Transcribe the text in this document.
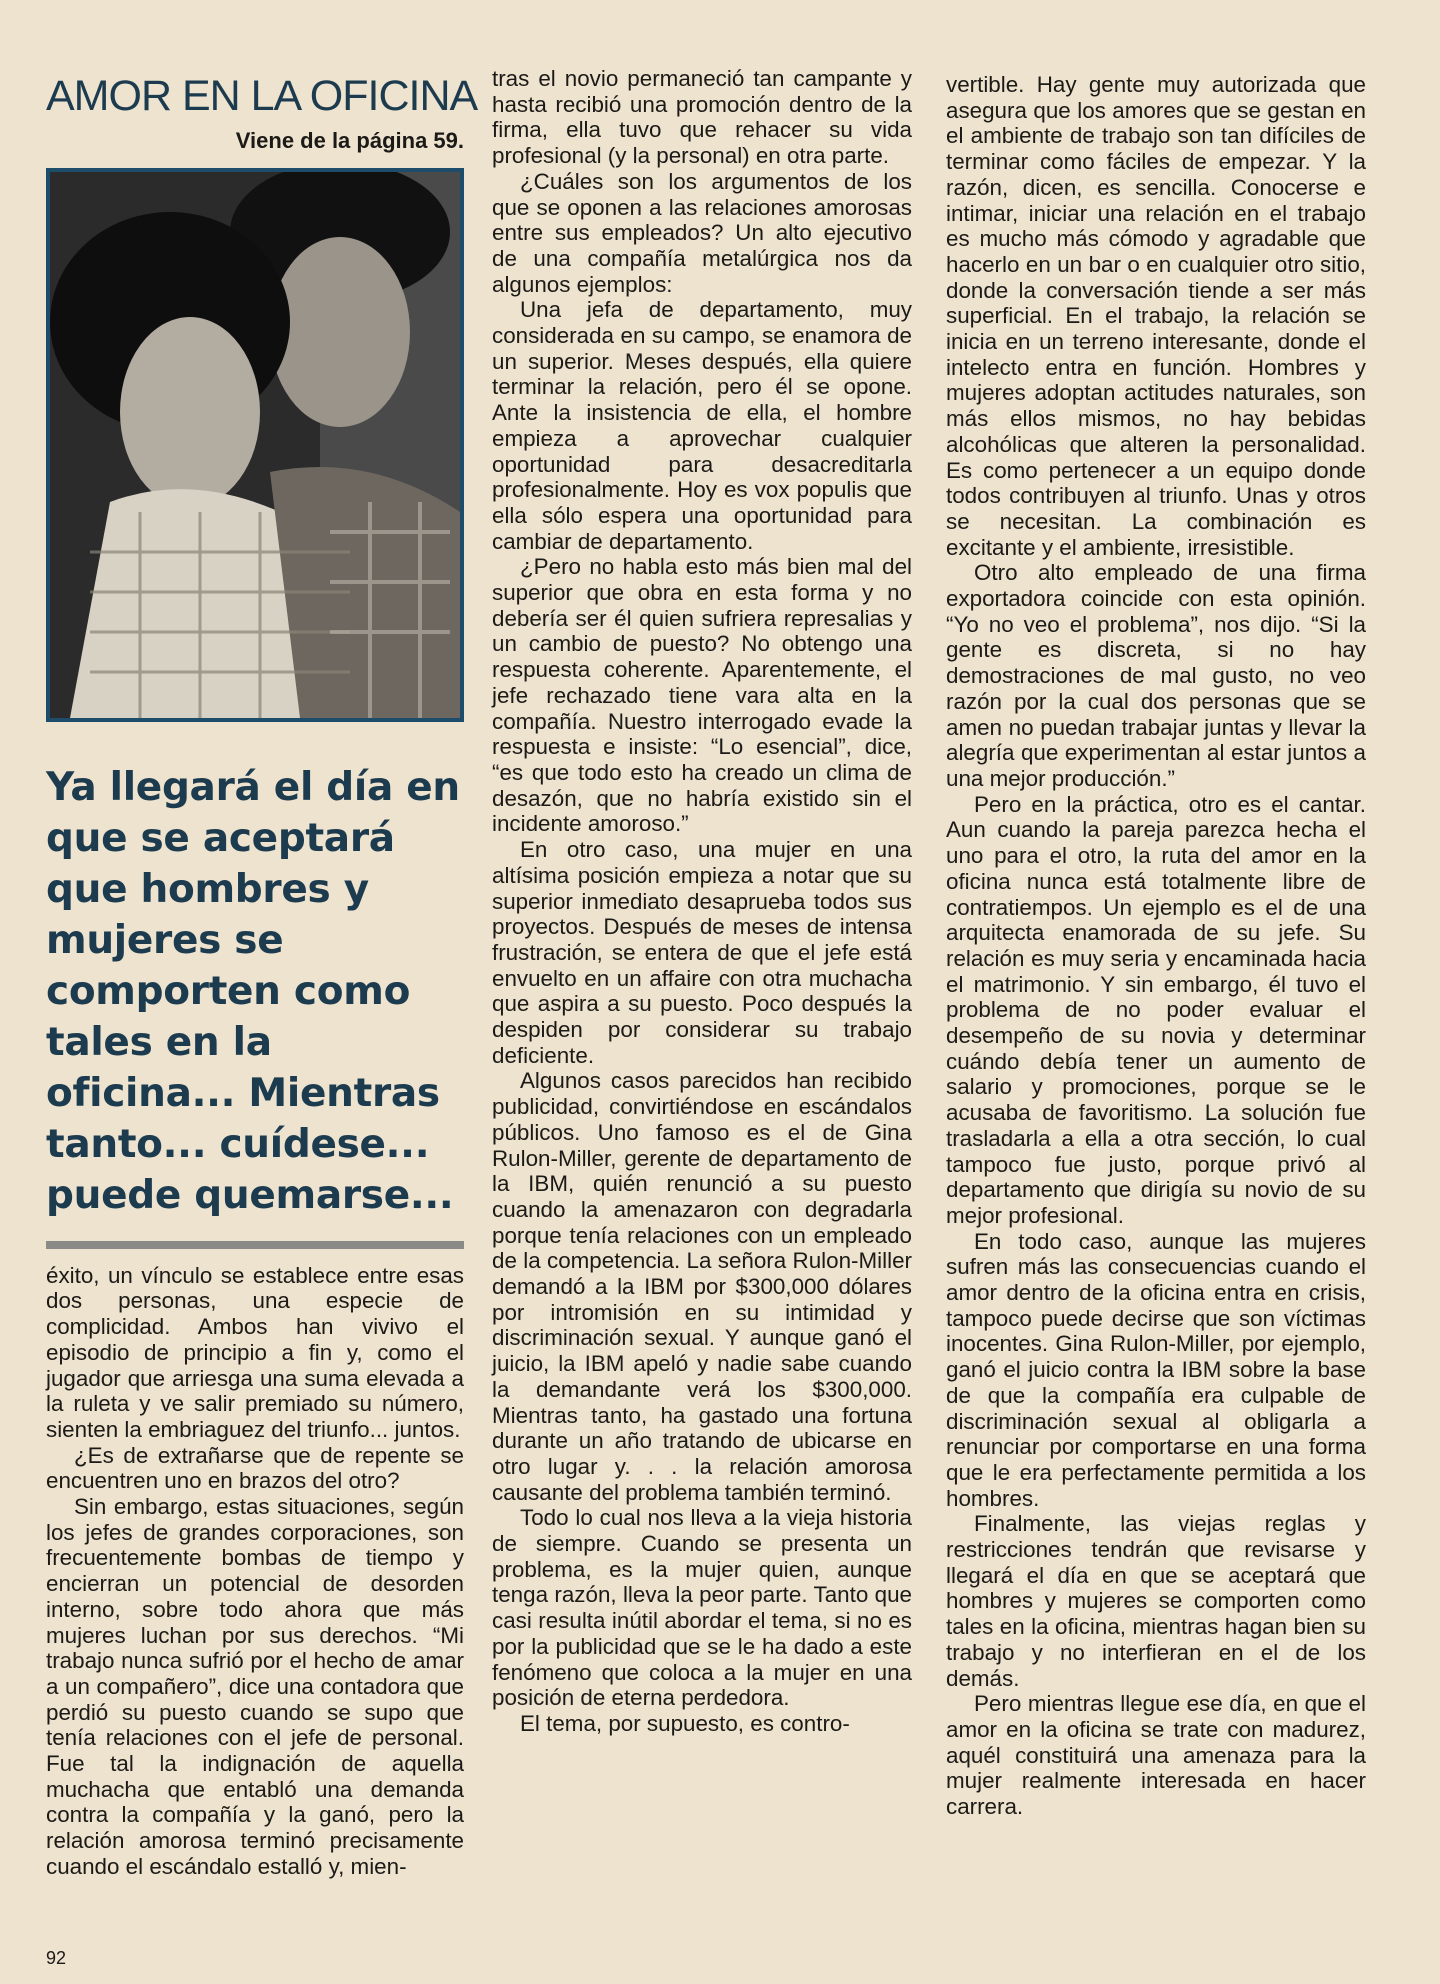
AMOR EN LA OFICINA
Viene de la página 59.
Ya llegará el día en que se aceptará que hombres y mujeres se comporten como tales en la oficina... Mientras tanto... cuídese... puede quemarse...

éxito, un vínculo se establece entre esas dos personas, una especie de complicidad. Ambos han vivivo el episodio de principio a fin y, como el jugador que arriesga una suma elevada a la ruleta y ve salir premiado su número, sienten la embriaguez del triunfo... juntos.

¿Es de extrañarse que de repente se encuentren uno en brazos del otro?

Sin embargo, estas situaciones, según los jefes de grandes corporaciones, son frecuentemente bombas de tiempo y encierran un potencial de desorden interno, sobre todo ahora que más mujeres luchan por sus derechos. “Mi trabajo nunca sufrió por el hecho de amar a un compañero”, dice una contadora que perdió su puesto cuando se supo que tenía relaciones con el jefe de personal. Fue tal la indignación de aquella muchacha que entabló una demanda contra la compañía y la ganó, pero la relación amorosa terminó precisamente cuando el escándalo estalló y, mien-

tras el novio permaneció tan campante y hasta recibió una promoción dentro de la firma, ella tuvo que rehacer su vida profesional (y la personal) en otra parte.

¿Cuáles son los argumentos de los que se oponen a las relaciones amorosas entre sus empleados? Un alto ejecutivo de una compañía metalúrgica nos da algunos ejemplos:

Una jefa de departamento, muy considerada en su campo, se enamora de un superior. Meses después, ella quiere terminar la relación, pero él se opone. Ante la insistencia de ella, el hombre empieza a aprovechar cualquier oportunidad para desacreditarla profesionalmente. Hoy es vox populis que ella sólo espera una oportunidad para cambiar de departamento.

¿Pero no habla esto más bien mal del superior que obra en esta forma y no debería ser él quien sufriera represalias y un cambio de puesto? No obtengo una respuesta coherente. Aparentemente, el jefe rechazado tiene vara alta en la compañía. Nuestro interrogado evade la respuesta e insiste: “Lo esencial”, dice, “es que todo esto ha creado un clima de desazón, que no habría existido sin el incidente amoroso.”

En otro caso, una mujer en una altísima posición empieza a notar que su superior inmediato desaprueba todos sus proyectos. Después de meses de intensa frustración, se entera de que el jefe está envuelto en un affaire con otra muchacha que aspira a su puesto. Poco después la despiden por considerar su trabajo deficiente.

Algunos casos parecidos han recibido publicidad, convirtiéndose en escándalos públicos. Uno famoso es el de Gina Rulon-Miller, gerente de departamento de la IBM, quién renunció a su puesto cuando la amenazaron con degradarla porque tenía relaciones con un empleado de la competencia. La señora Rulon-Miller demandó a la IBM por $300,000 dólares por intromisión en su intimidad y discriminación sexual. Y aunque ganó el juicio, la IBM apeló y nadie sabe cuando la demandante verá los $300,000. Mientras tanto, ha gastado una fortuna durante un año tratando de ubicarse en otro lugar y. . . la relación amorosa causante del problema también terminó.

Todo lo cual nos lleva a la vieja historia de siempre. Cuando se presenta un problema, es la mujer quien, aunque tenga razón, lleva la peor parte. Tanto que casi resulta inútil abordar el tema, si no es por la publicidad que se le ha dado a este fenómeno que coloca a la mujer en una posición de eterna perdedora.

El tema, por supuesto, es contro-

vertible. Hay gente muy autorizada que asegura que los amores que se gestan en el ambiente de trabajo son tan difíciles de terminar como fáciles de empezar. Y la razón, dicen, es sencilla. Conocerse e intimar, iniciar una relación en el trabajo es mucho más cómodo y agradable que hacerlo en un bar o en cualquier otro sitio, donde la conversación tiende a ser más superficial. En el trabajo, la relación se inicia en un terreno interesante, donde el intelecto entra en función. Hombres y mujeres adoptan actitudes naturales, son más ellos mismos, no hay bebidas alcohólicas que alteren la personalidad. Es como pertenecer a un equipo donde todos contribuyen al triunfo. Unas y otros se necesitan. La combinación es excitante y el ambiente, irresistible.

Otro alto empleado de una firma exportadora coincide con esta opinión. “Yo no veo el problema”, nos dijo. “Si la gente es discreta, si no hay demostraciones de mal gusto, no veo razón por la cual dos personas que se amen no puedan trabajar juntas y llevar la alegría que experimentan al estar juntos a una mejor producción.”

Pero en la práctica, otro es el cantar. Aun cuando la pareja parezca hecha el uno para el otro, la ruta del amor en la oficina nunca está totalmente libre de contratiempos. Un ejemplo es el de una arquitecta enamorada de su jefe. Su relación es muy seria y encaminada hacia el matrimonio. Y sin embargo, él tuvo el problema de no poder evaluar el desempeño de su novia y determinar cuándo debía tener un aumento de salario y promociones, porque se le acusaba de favoritismo. La solución fue trasladarla a ella a otra sección, lo cual tampoco fue justo, porque privó al departamento que dirigía su novio de su mejor profesional.

En todo caso, aunque las mujeres sufren más las consecuencias cuando el amor dentro de la oficina entra en crisis, tampoco puede decirse que son víctimas inocentes. Gina Rulon-Miller, por ejemplo, ganó el juicio contra la IBM sobre la base de que la compañía era culpable de discriminación sexual al obligarla a renunciar por comportarse en una forma que le era perfectamente permitida a los hombres.

Finalmente, las viejas reglas y restricciones tendrán que revisarse y llegará el día en que se aceptará que hombres y mujeres se comporten como tales en la oficina, mientras hagan bien su trabajo y no interfieran en el de los demás.

Pero mientras llegue ese día, en que el amor en la oficina se trate con madurez, aquél constituirá una amenaza para la mujer realmente interesada en hacer carrera.

92
